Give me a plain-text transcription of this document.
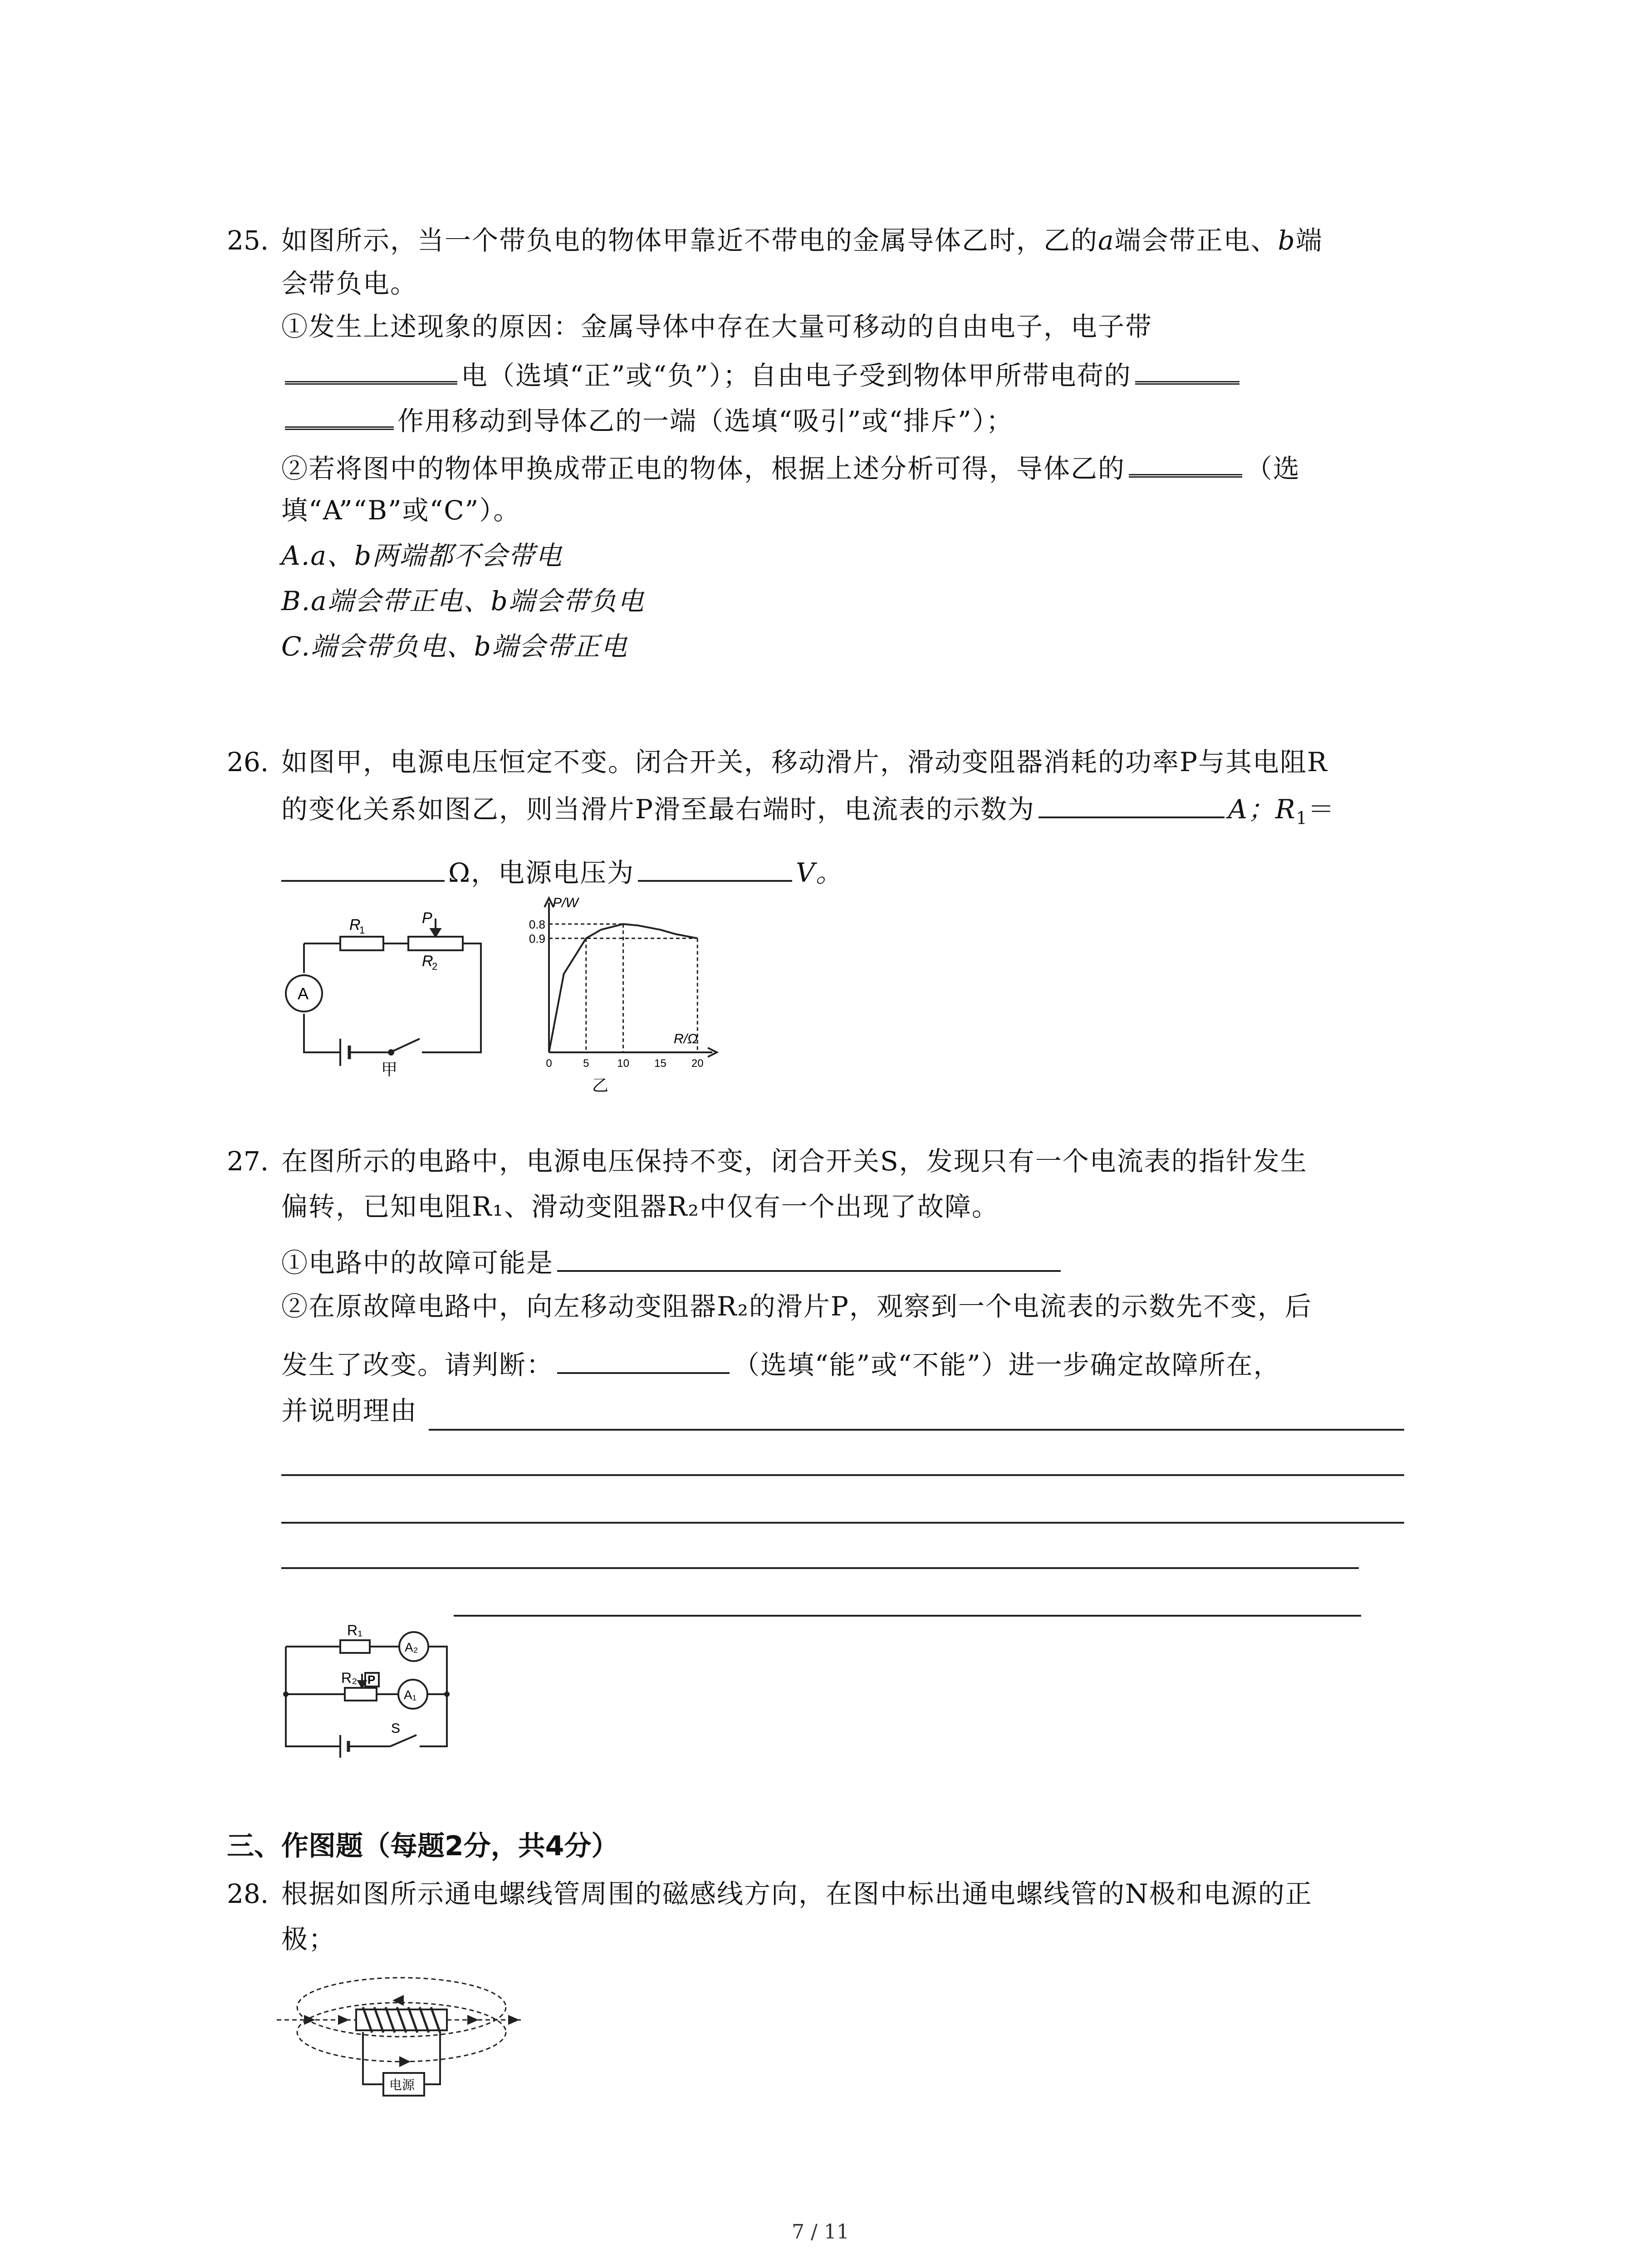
25. 如图所示，当一个带负电的物体甲靠近不带电的金属导体乙时，乙的a端会带正电、b端
会带负电。
①发生上述现象的原因：金属导体中存在大量可移动的自由电子，电子带
电（选填“正”或“负”）；自由电子受到物体甲所带电荷的
作用移动到导体乙的一端（选填“吸引”或“排斥”）；
②若将图中的物体甲换成带正电的物体，根据上述分析可得，导体乙的	（选
填“A”“B”或“C”）。
A.a、b两端都不会带电
B.a端会带正电、b端会带负电
C.端会带负电、b端会带正电
26. 如图甲，电源电压恒定不变。闭合开关，移动滑片，滑动变阻器消耗的功率P与其电阻R
的变化关系如图乙，则当滑片P滑至最右端时，电流表的示数为	A；$R_1=$
Ω，电源电压为	V。
R
1
P
R
2
A
甲
0.9
0.8
0	5	10 15 20
P/W
R/Ω
乙
27. 在图所示的电路中，电源电压保持不变，闭合开关S，发现只有一个电流表的指针发生
偏转，已知电阻R₁、滑动变阻器R₂中仅有一个出现了故障。
①电路中的故障可能是
②在原故障电路中，向左移动变阻器R₂的滑片P，观察到一个电流表的示数先不变，后
发生了改变。请判断：	（选填“能”或“不能”）进一步确定故障所在，
并说明理由
R₁
R₂ P
A₂
A₁
S
三、作图题（每题2分，共4分）
28. 根据如图所示通电螺线管周围的磁感线方向，在图中标出通电螺线管的N极和电源的正
极；
电源
7 / 11
